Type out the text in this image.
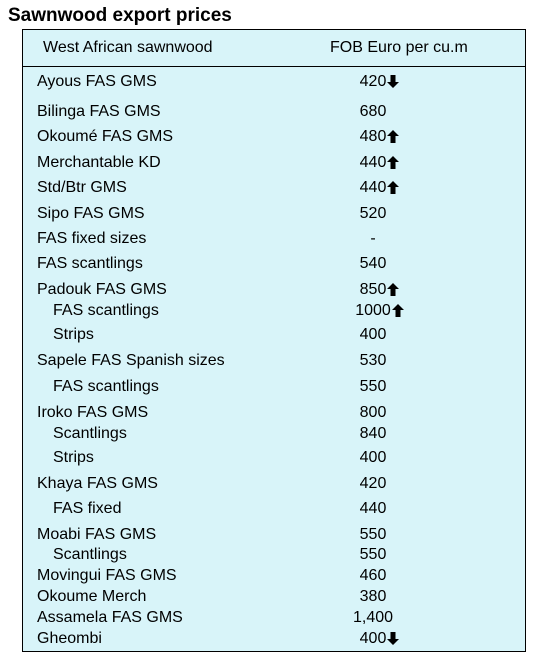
Sawnwood export prices
West African sawnwood	FOB Euro per cu.m
Ayous FAS GMS	420
Bilinga FAS GMS	680
Okoumé FAS GMS	480
Merchantable KD	440
Std/Btr GMS	440
Sipo FAS GMS	520
FAS fixed sizes	-
FAS scantlings	540
Padouk FAS GMS	850
FAS scantlings	1000
Strips	400
Sapele FAS Spanish sizes	530
FAS scantlings	550
Iroko FAS GMS	800
Scantlings	840
Strips	400
Khaya FAS GMS	420
FAS fixed	440
Moabi FAS GMS	550
Scantlings	550
Movingui FAS GMS	460
Okoume Merch	380
Assamela FAS GMS	1,400
Gheombi	400
